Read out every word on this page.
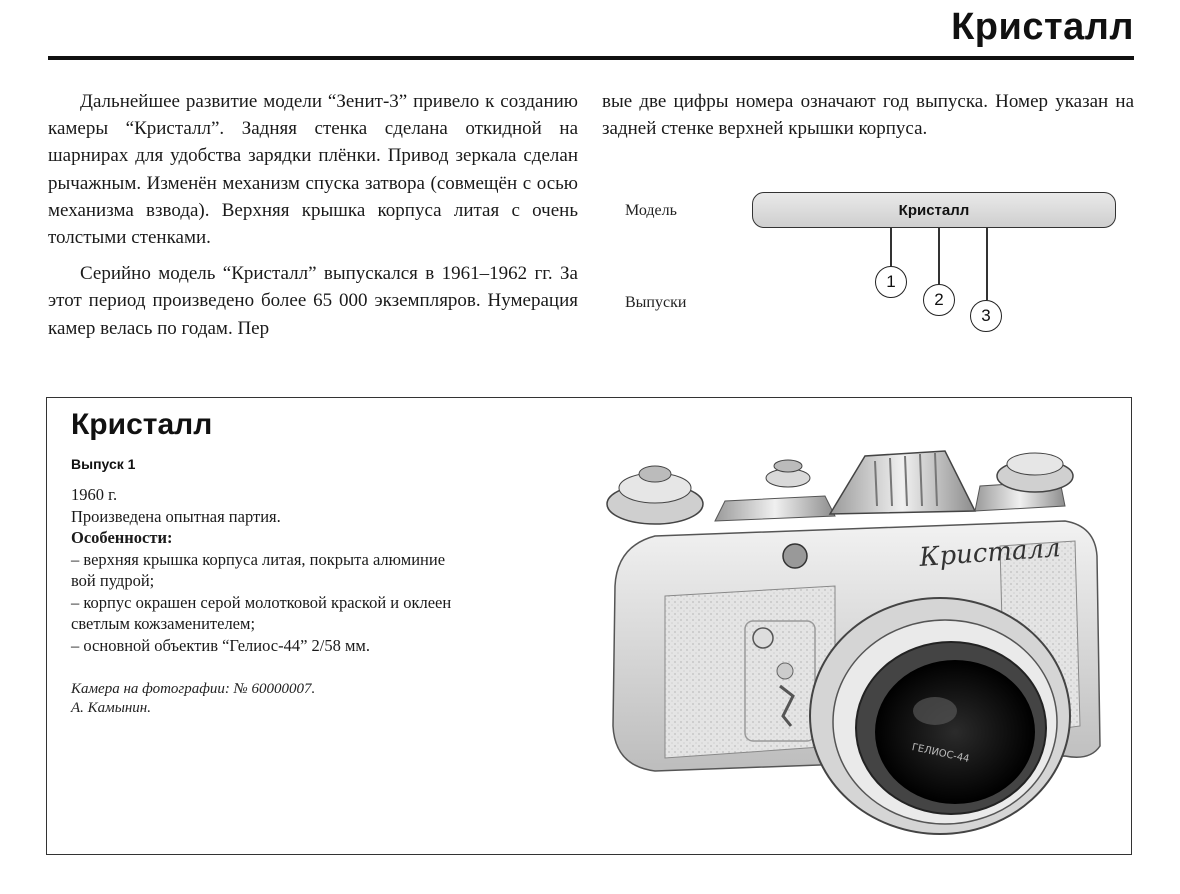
Кристалл

Дальнейшее развитие модели “Зенит-3” привело к созданию камеры “Кристалл”. Задняя стенка сделана откидной на шарнирах для удобства зарядки плёнки. Привод зеркала сделан рычажным. Изменён механизм спуска затвора (совмещён с осью механизма взвода). Верхняя крышка корпуса литая с очень толстыми стенками.

Серийно модель “Кристалл” выпускался в 1961–1962 гг. За этот период произведено более 65 000 экземпляров. Нумерация камер велась по годам. Пер

вые две цифры номера означают год выпуска. Номер указан на задней стенке верхней крышки корпуса.

Модель
Выпуски
Кристалл
1
2
3
Кристалл
Выпуск 1
1960 г.
Произведена опытная партия.
Особенности:
– верхняя крышка корпуса литая, покрыта алюминие
вой пудрой;
– корпус окрашен серой молотковой краской и оклеен
светлым кожзаменителем;
– основной объектив “Гелиос-44” 2/58 мм.
Камера на фотографии: № 60000007.
А. Камынин.
Кристалл
ГЕЛИОС-44
